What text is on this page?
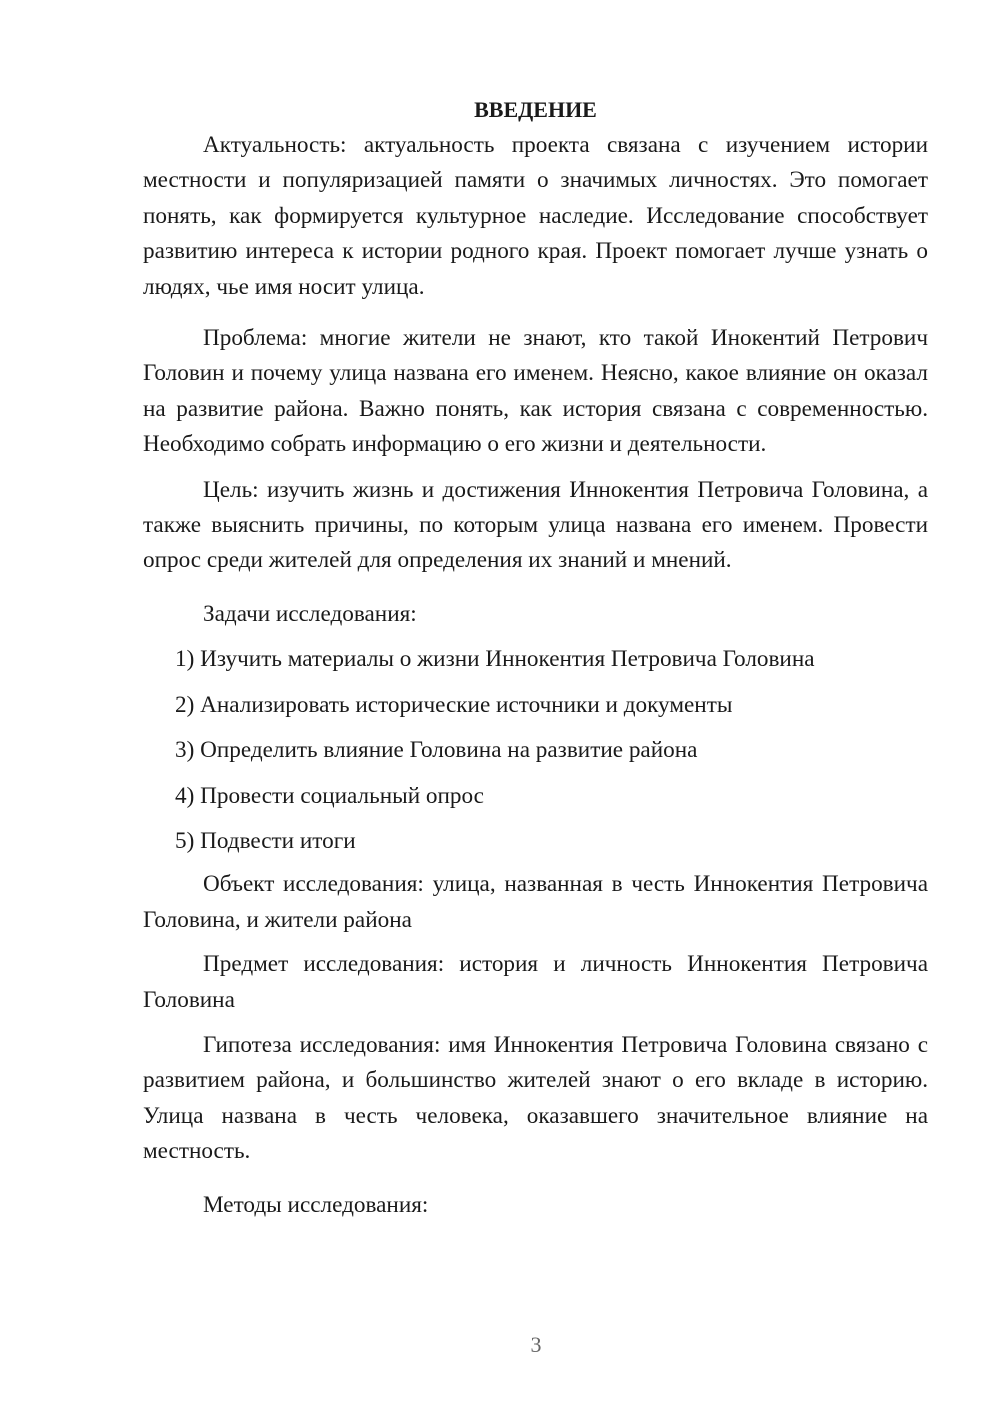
ВВЕДЕНИЕ

Актуальность: актуальность проекта связана с изучением истории местности и популяризацией памяти о значимых личностях. Это помогает понять, как формируется культурное наследие. Исследование способствует развитию интереса к истории родного края. Проект помогает лучше узнать о людях, чье имя носит улица.

Проблема: многие жители не знают, кто такой Инокентий Петрович Головин и почему улица названа его именем. Неясно, какое влияние он оказал на развитие района. Важно понять, как история связана с современностью. Необходимо собрать информацию о его жизни и деятельности.

Цель: изучить жизнь и достижения Иннокентия Петровича Головина, а также выяснить причины, по которым улица названа его именем. Провести опрос среди жителей для определения их знаний и мнений.

Задачи исследования:

1) Изучить материалы о жизни Иннокентия Петровича Головина
2) Анализировать исторические источники и документы
3) Определить влияние Головина на развитие района
4) Провести социальный опрос
5) Подвести итоги

Объект исследования: улица, названная в честь Иннокентия Петровича Головина, и жители района

Предмет исследования: история и личность Иннокентия Петровича Головина

Гипотеза исследования: имя Иннокентия Петровича Головина связано с развитием района, и большинство жителей знают о его вкладе в историю. Улица названа в честь человека, оказавшего значительное влияние на местность.

Методы исследования:

3
